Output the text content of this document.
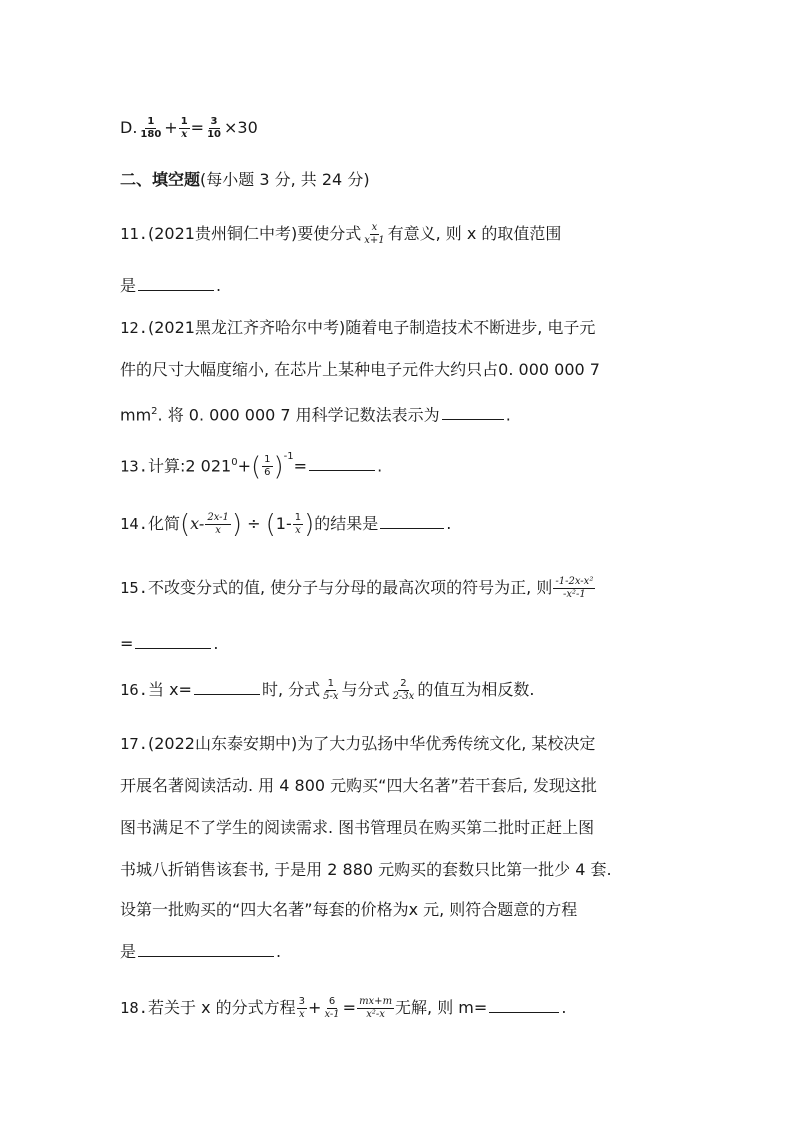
D. $\frac{1}{180} + \frac{1}{x} = \frac{3}{10} \times 30$
二、填空题(每小题 3 分, 共 24 分)
11.(2021贵州铜仁中考)要使分式 $\frac{x}{x+1}$ 有意义, 则 x 的取值范围
是	.
12.(2021黑龙江齐齐哈尔中考)随着电子制造技术不断进步, 电子元
件的尺寸大幅度缩小, 在芯片上某种电子元件大约只占0. 000 000 7
$mm^2$. 将 0. 000 000 7 用科学记数法表示为	.
13.计算:2 $021^0+( \frac{1}{6} )^{-1}=$	.
14.化简($x- \frac{2x-1}{x}$ ) ÷ ($1- \frac{1}{x}$ )的结果是	.
15.不改变分式的值, 使分子与分母的最高次项的符号为正, 则 $\frac{\text{-1-2x-x²}}{\text{-x²-1}}$
=	.
16.当 x=	时, 分式 $\frac{1}{5-x}$ 与分式 $\frac{2}{2-3x}$ 的值互为相反数.
17.(2022山东泰安期中)为了大力弘扬中华优秀传统文化, 某校决定
开展名著阅读活动. 用 4 800 元购买“四大名著”若干套后, 发现这批
图书满足不了学生的阅读需求. 图书管理员在购买第二批时正赶上图
书城八折销售该套书, 于是用 2 880 元购买的套数只比第一批少 4 套.
设第一批购买的“四大名著”每套的价格为x 元, 则符合题意的方程
是	.
18.若关于 x 的分式方程 $\frac{3}{x} + \frac{6}{x-1} = \frac{mx+m}{\text{x²-x}}$ 无解, 则 m=	.
